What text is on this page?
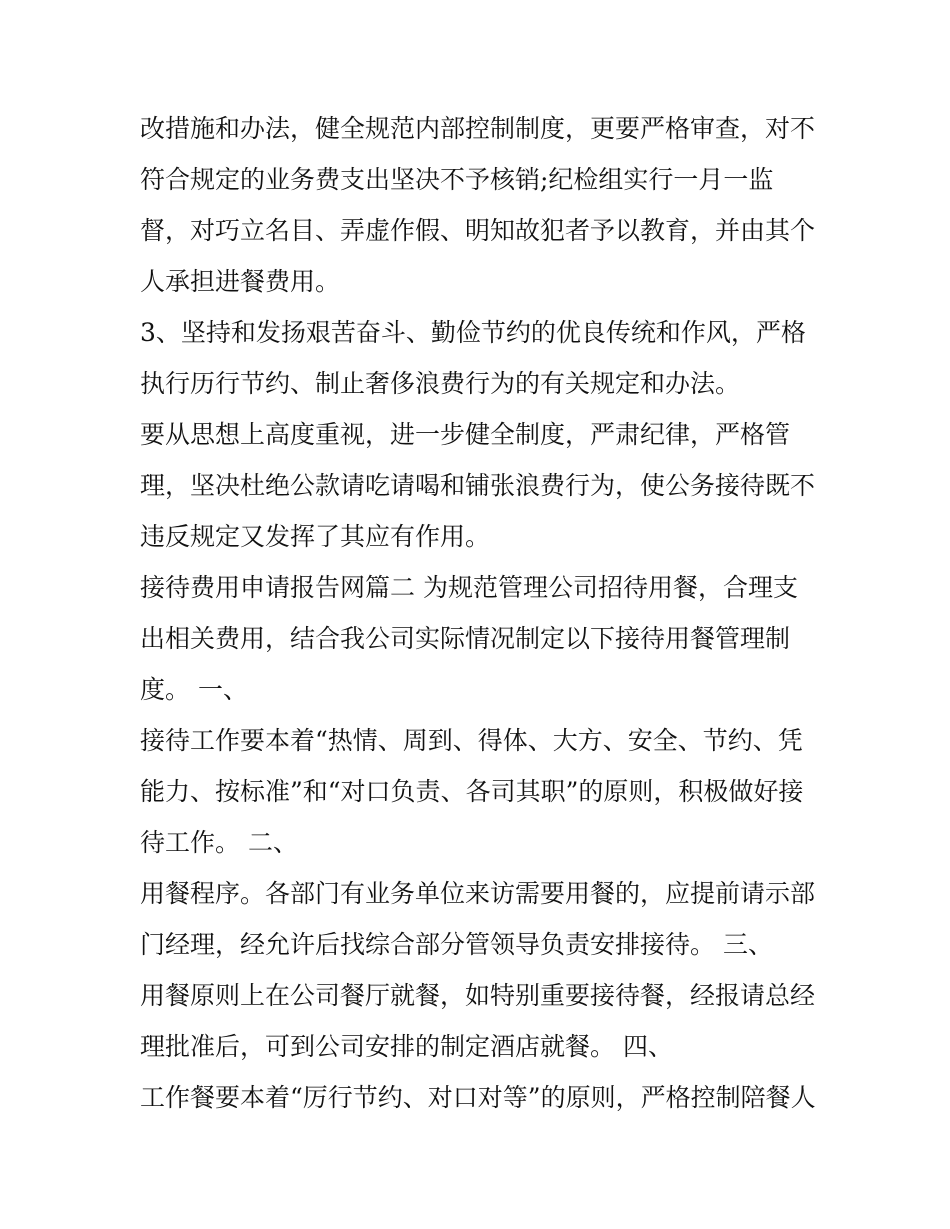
改措施和办法，健全规范内部控制制度，更要严格审查，对不
符合规定的业务费支出坚决不予核销;纪检组实行一月一监
督，对巧立名目、弄虚作假、明知故犯者予以教育，并由其个
人承担进餐费用。
3、坚持和发扬艰苦奋斗、勤俭节约的优良传统和作风，严格
执行历行节约、制止奢侈浪费行为的有关规定和办法。
要从思想上高度重视，进一步健全制度，严肃纪律，严格管
理，坚决杜绝公款请吃请喝和铺张浪费行为，使公务接待既不
违反规定又发挥了其应有作用。
接待费用申请报告网篇二 为规范管理公司招待用餐，合理支
出相关费用，结合我公司实际情况制定以下接待用餐管理制
度。 一、
接待工作要本着“热情、周到、得体、大方、安全、节约、凭
能力、按标准”和“对口负责、各司其职”的原则，积极做好接
待工作。 二、
用餐程序。各部门有业务单位来访需要用餐的，应提前请示部
门经理，经允许后找综合部分管领导负责安排接待。 三、
用餐原则上在公司餐厅就餐，如特别重要接待餐，经报请总经
理批准后，可到公司安排的制定酒店就餐。 四、
工作餐要本着“厉行节约、对口对等”的原则，严格控制陪餐人
